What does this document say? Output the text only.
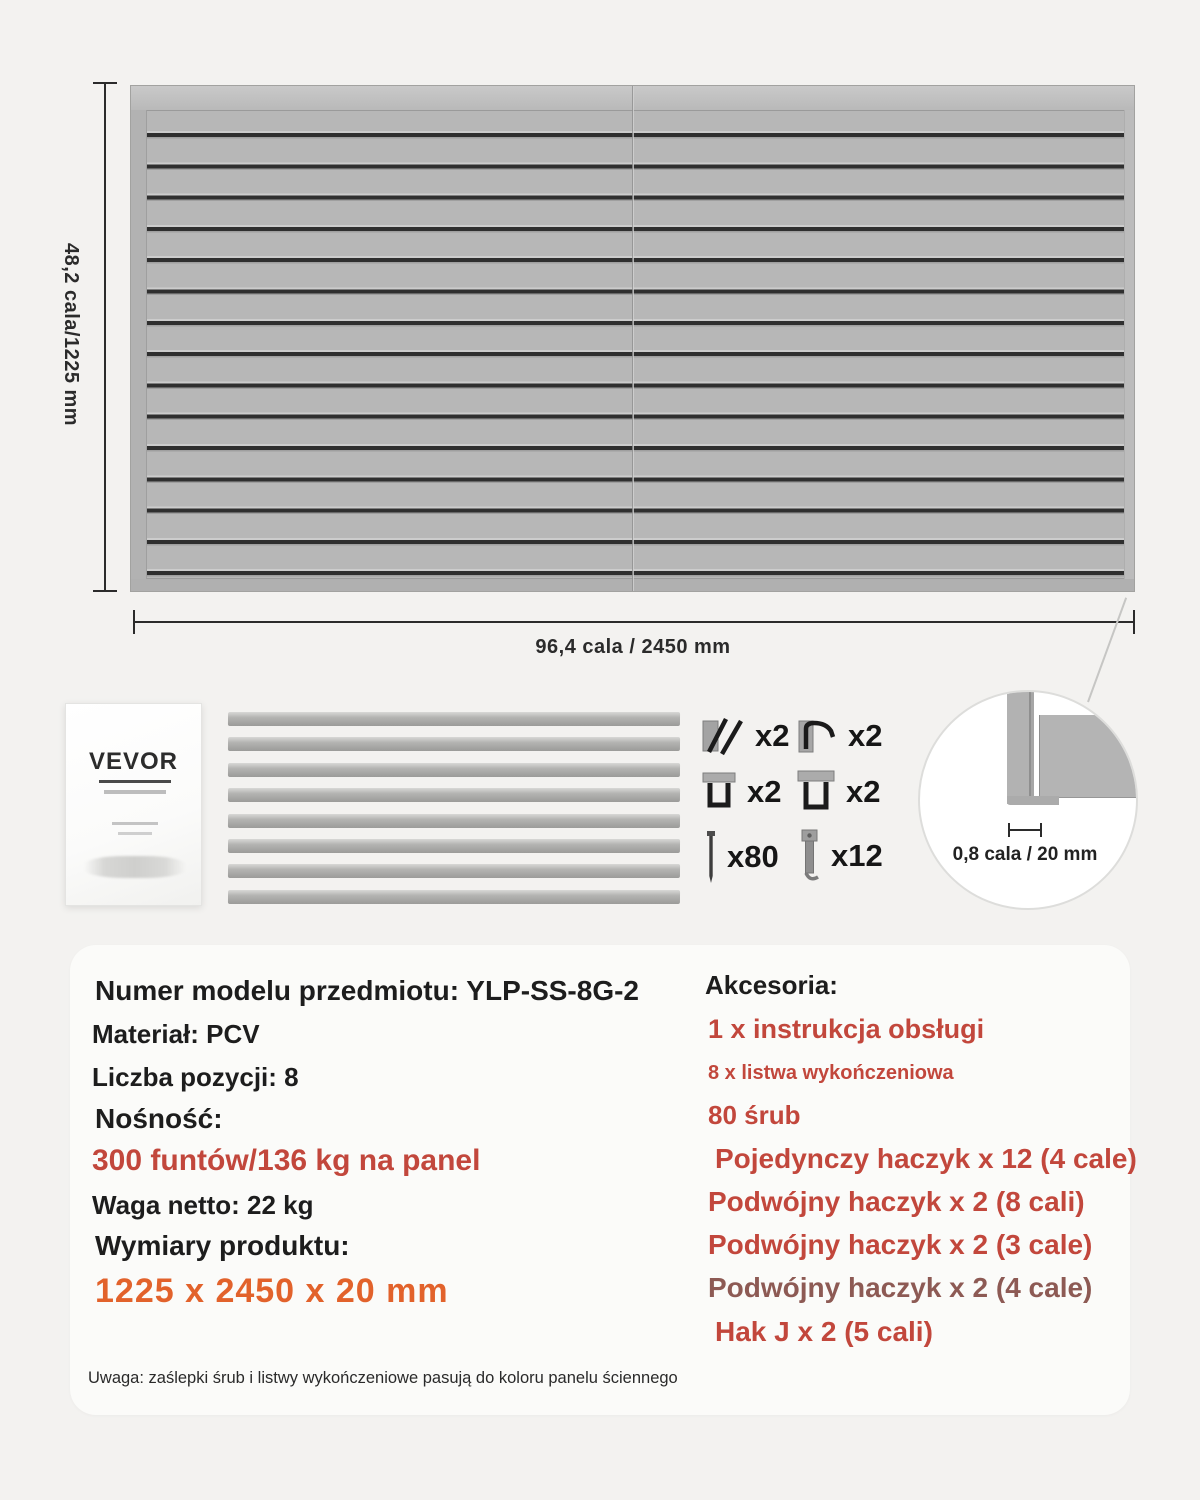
48,2 cala/1225 mm
96,4 cala / 2450 mm
VEVOR
x2 x2
x2 x2
x80 x12	0,8 cala / 20 mm
Numer modelu przedmiotu: YLP-SS-8G-2
Materiał: PCV
Liczba pozycji: 8
Nośność:
300 funtów/136 kg na panel
Waga netto: 22 kg
Wymiary produktu:
1225 x 2450 x 20 mm
Uwaga: zaślepki śrub i listwy wykończeniowe pasują do koloru panelu ściennego
Akcesoria:
1 x instrukcja obsługi
8 x listwa wykończeniowa
80 śrub
Pojedynczy haczyk x 12 (4 cale)
Podwójny haczyk x 2 (8 cali)
Podwójny haczyk x 2 (3 cale)
Podwójny haczyk x 2 (4 cale)
Hak J x 2 (5 cali)
